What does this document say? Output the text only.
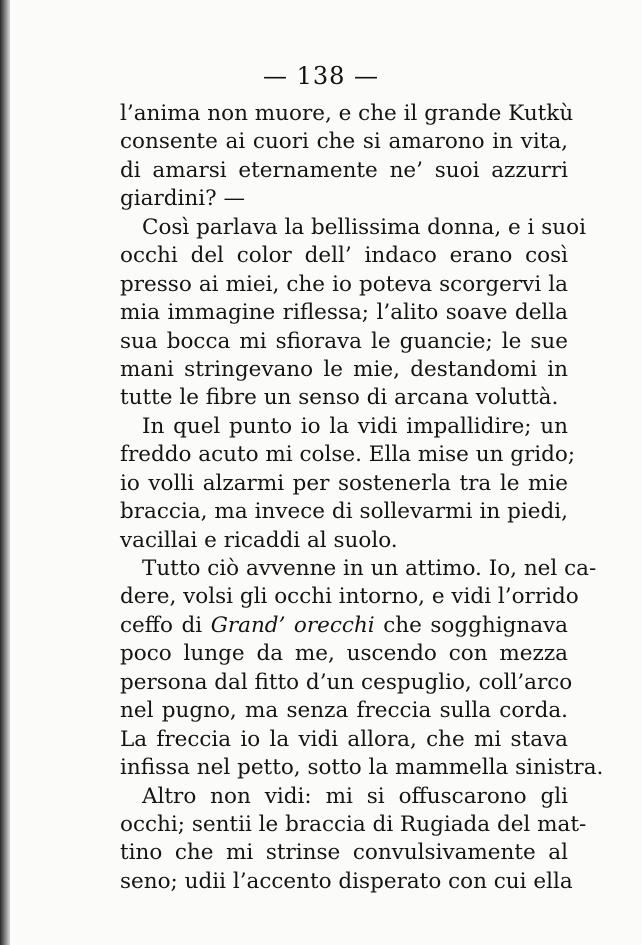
— 138 —
l’anima non muore, e che il grande Kutkù
consente ai cuori che si amarono in vita,
di amarsi eternamente ne’ suoi azzurri
giardini? —
Così parlava la bellissima donna, e i suoi
occhi del color dell’ indaco erano così
presso ai miei, che io poteva scorgervi la
mia immagine riflessa; l’alito soave della
sua bocca mi sfiorava le guancie; le sue
mani stringevano le mie, destandomi in
tutte le fibre un senso di arcana voluttà.
In quel punto io la vidi impallidire; un
freddo acuto mi colse. Ella mise un grido;
io volli alzarmi per sostenerla tra le mie
braccia, ma invece di sollevarmi in piedi,
vacillai e ricaddi al suolo.
Tutto ciò avvenne in un attimo. Io, nel ca-
dere, volsi gli occhi intorno, e vidi l’orrido
ceffo di Grand’ orecchi che sogghignava
poco lunge da me, uscendo con mezza
persona dal fitto d’un cespuglio, coll’arco
nel pugno, ma senza freccia sulla corda.
La freccia io la vidi allora, che mi stava
infissa nel petto, sotto la mammella sinistra.
Altro non vidi: mi si offuscarono gli
occhi; sentii le braccia di Rugiada del mat-
tino che mi strinse convulsivamente al
seno; udii l’accento disperato con cui ella
